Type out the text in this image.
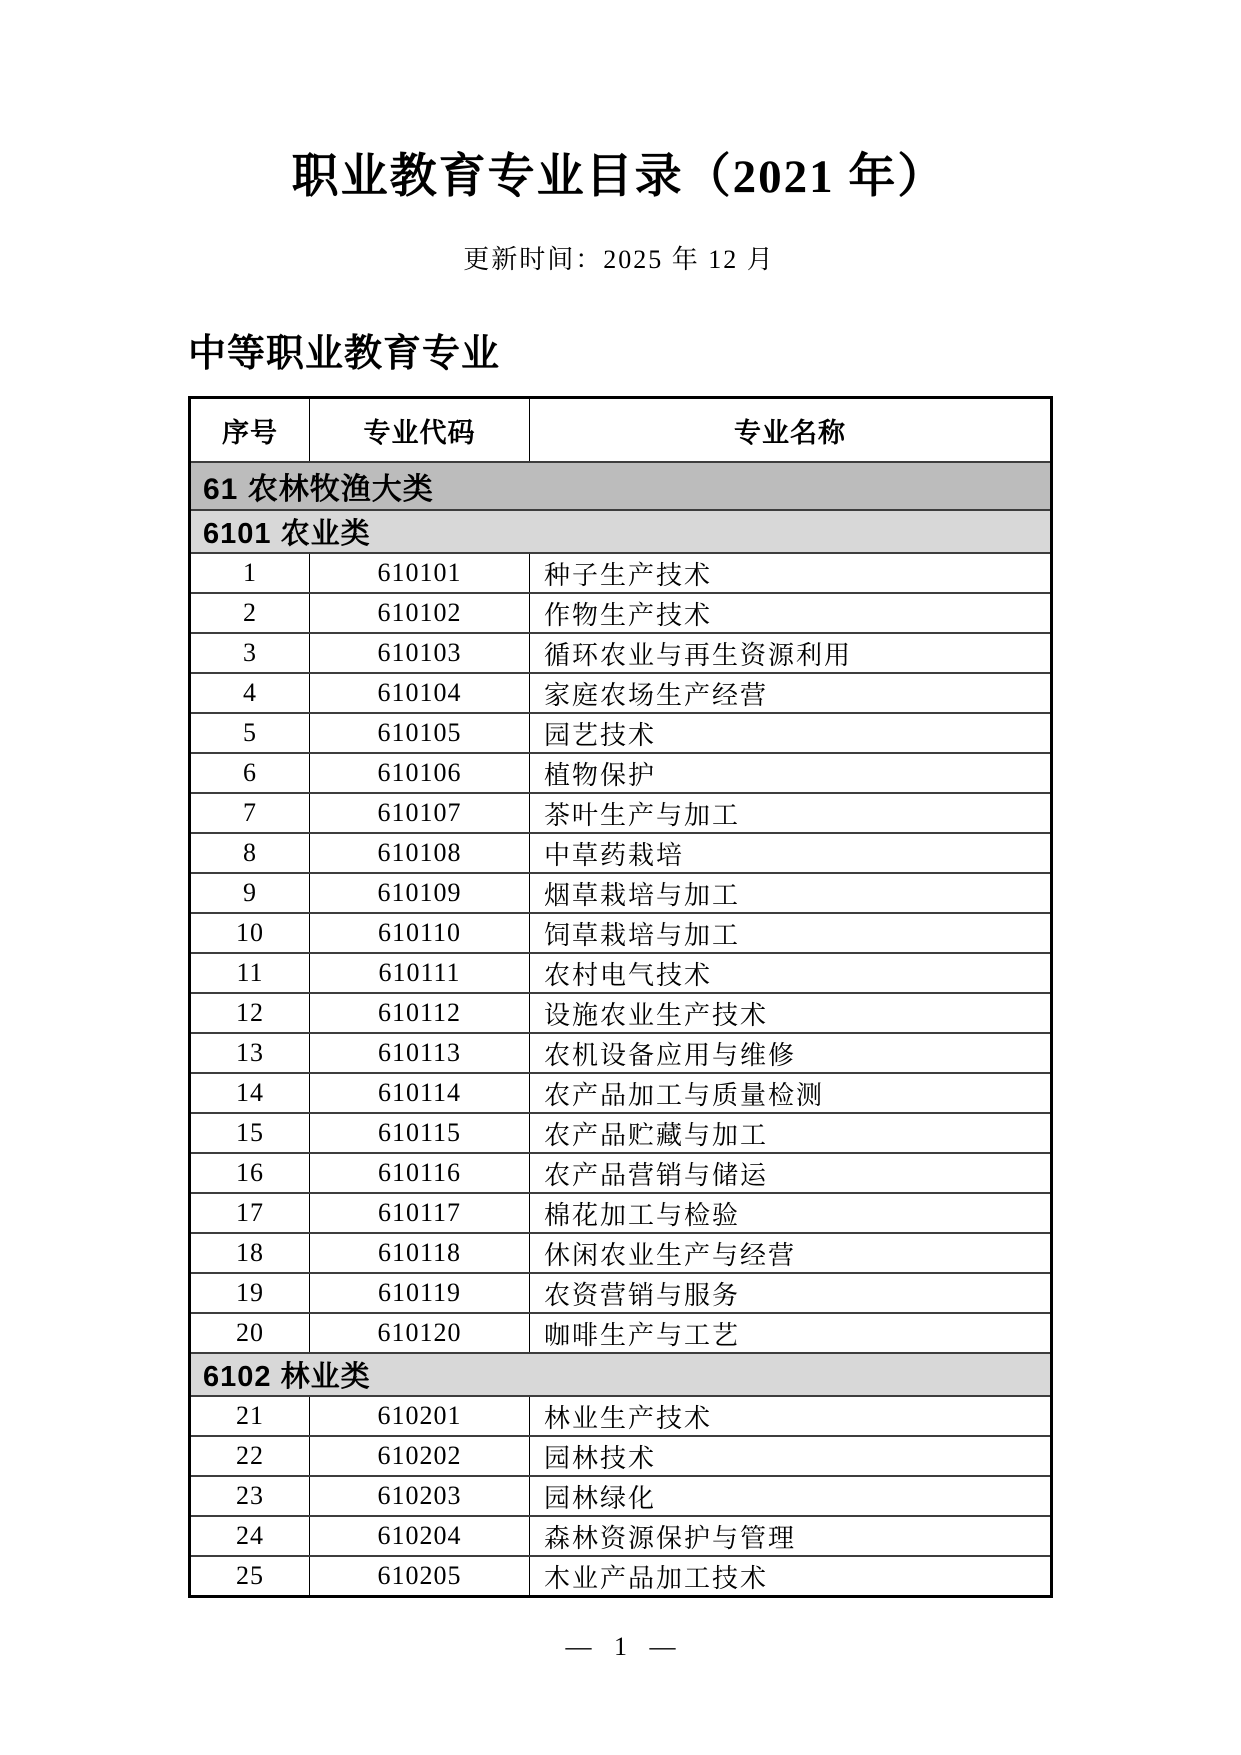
职业教育专业目录（2021 年）
更新时间：2025 年 12 月
中等职业教育专业
序号	专业代码	专业名称
61 农林牧渔大类		
6101 农业类		
1	610101	种子生产技术
2	610102	作物生产技术
3	610103	循环农业与再生资源利用
4	610104	家庭农场生产经营
5	610105	园艺技术
6	610106	植物保护
7	610107	茶叶生产与加工
8	610108	中草药栽培
9	610109	烟草栽培与加工
10	610110	饲草栽培与加工
11	610111	农村电气技术
12	610112	设施农业生产技术
13	610113	农机设备应用与维修
14	610114	农产品加工与质量检测
15	610115	农产品贮藏与加工
16	610116	农产品营销与储运
17	610117	棉花加工与检验
18	610118	休闲农业生产与经营
19	610119	农资营销与服务
20	610120	咖啡生产与工艺
6102 林业类		
21	610201	林业生产技术
22	610202	园林技术
23	610203	园林绿化
24	610204	森林资源保护与管理
25	610205	木业产品加工技术
— 1 —
